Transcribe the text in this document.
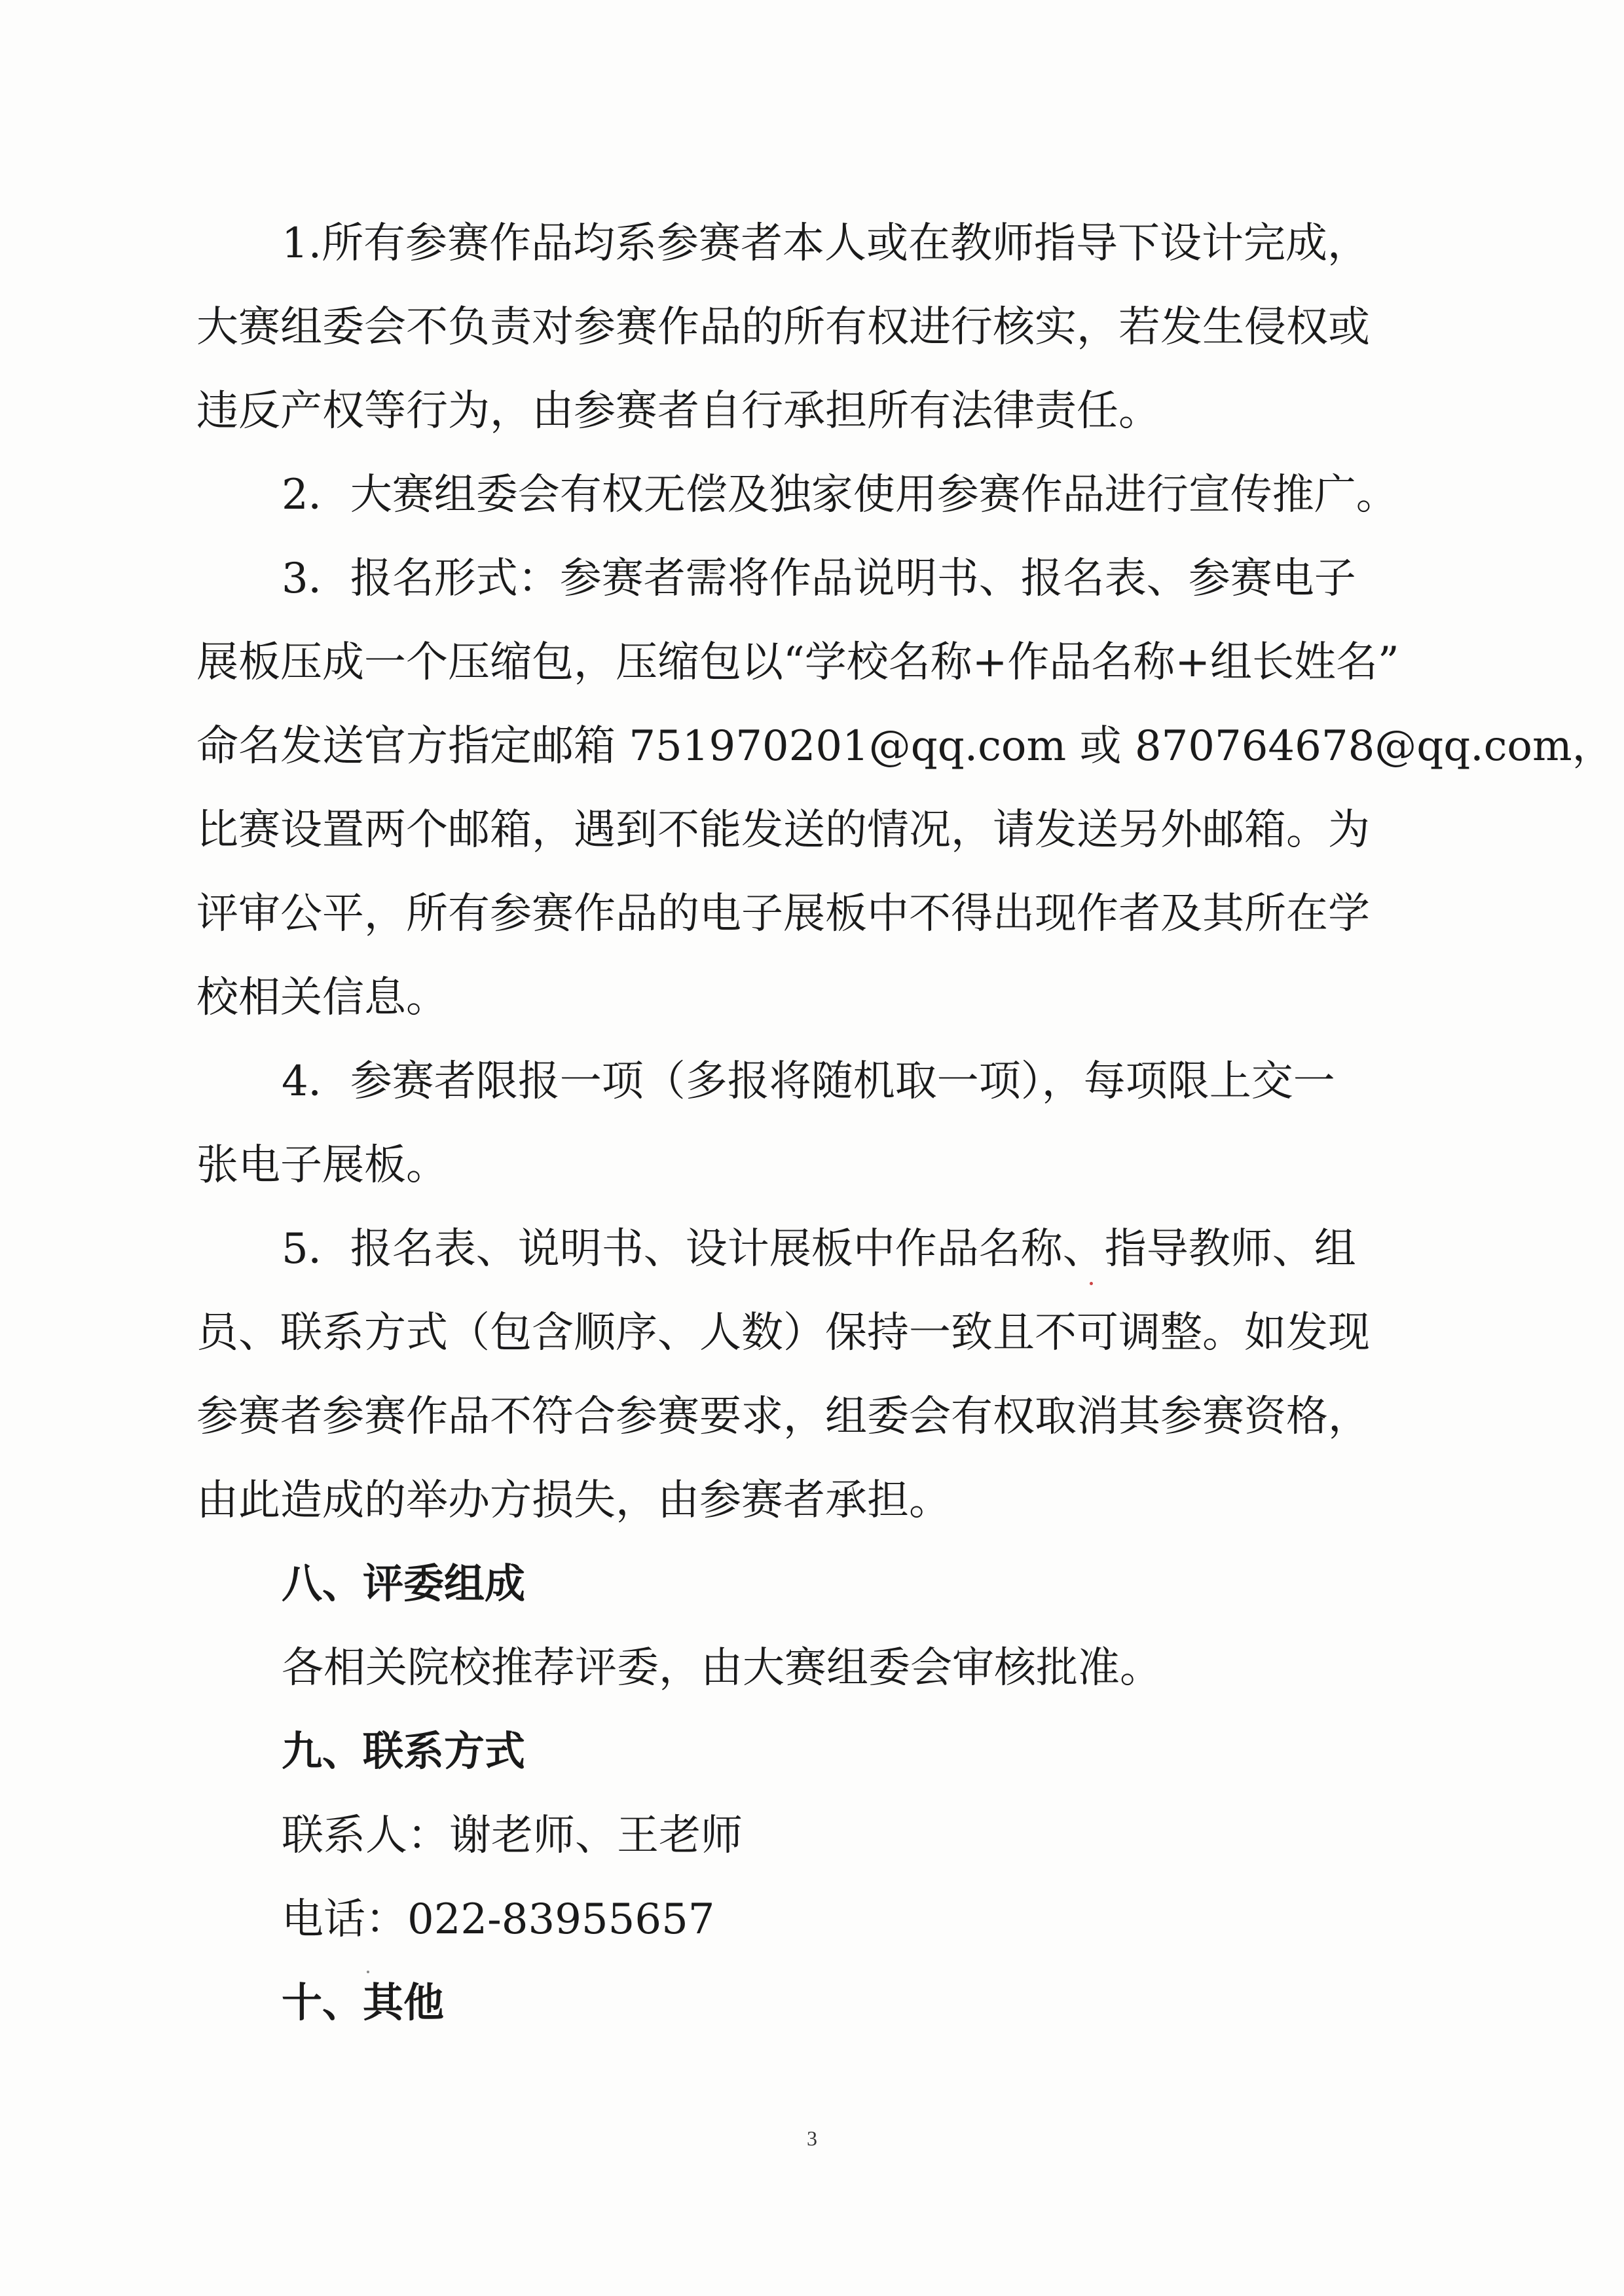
1.所有参赛作品均系参赛者本人或在教师指导下设计完成，

大赛组委会不负责对参赛作品的所有权进行核实，若发生侵权或

违反产权等行为，由参赛者自行承担所有法律责任。

2．大赛组委会有权无偿及独家使用参赛作品进行宣传推广。

3．报名形式：参赛者需将作品说明书、报名表、参赛电子

展板压成一个压缩包，压缩包以“学校名称+作品名称+组长姓名”

命名发送官方指定邮箱 751970201@qq.com 或 870764678@qq.com，

比赛设置两个邮箱，遇到不能发送的情况，请发送另外邮箱。为

评审公平，所有参赛作品的电子展板中不得出现作者及其所在学

校相关信息。

4．参赛者限报一项（多报将随机取一项），每项限上交一

张电子展板。

5．报名表、说明书、设计展板中作品名称、指导教师、组

员、联系方式（包含顺序、人数）保持一致且不可调整。如发现

参赛者参赛作品不符合参赛要求，组委会有权取消其参赛资格，

由此造成的举办方损失，由参赛者承担。

八、评委组成

各相关院校推荐评委，由大赛组委会审核批准。

九、联系方式

联系人：谢老师、王老师

电话：022-83955657

十、其他

3
